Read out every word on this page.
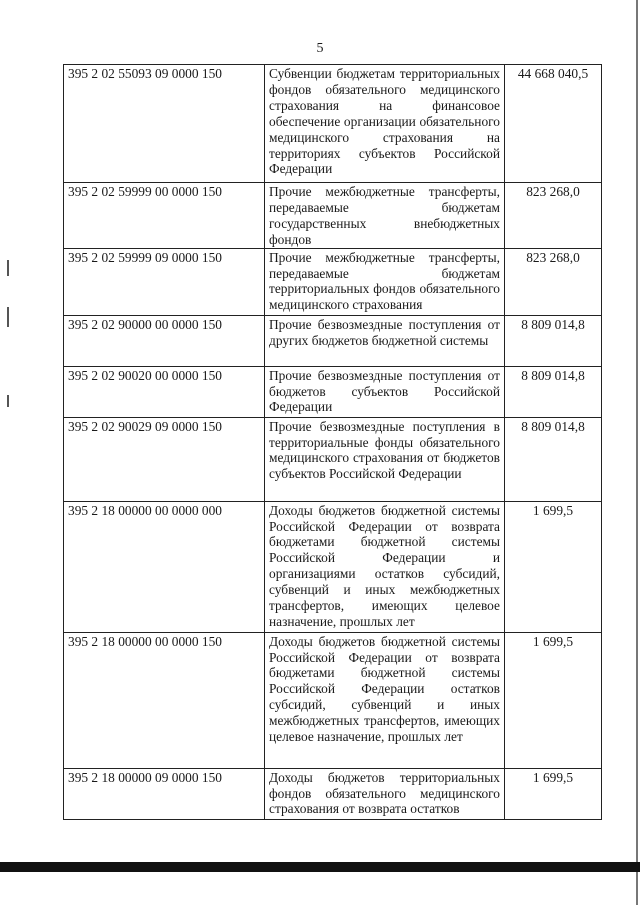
5
395 2 02 55093 09 0000 150	Субвенции бюджетам территориальных фондов обязательного медицинского страхования на финансовое обеспечение организации обязательного медицинского страхования на территориях субъектов Российской Федерации	44 668 040,5
395 2 02 59999 00 0000 150	Прочие межбюджетные трансферты, передаваемые бюджетам государственных внебюджетных фондов	823 268,0
395 2 02 59999 09 0000 150	Прочие межбюджетные трансферты, передаваемые бюджетам территориальных фондов обязательного медицинского страхования	823 268,0
395 2 02 90000 00 0000 150	Прочие безвозмездные поступления от других бюджетов бюджетной системы	8 809 014,8
395 2 02 90020 00 0000 150	Прочие безвозмездные поступления от бюджетов субъектов Российской Федерации	8 809 014,8
395 2 02 90029 09 0000 150	Прочие безвозмездные поступления в территориальные фонды обязательного медицинского страхования от бюджетов субъектов Российской Федерации	8 809 014,8
395 2 18 00000 00 0000 000	Доходы бюджетов бюджетной системы Российской Федерации от возврата бюджетами бюджетной системы Российской Федерации и организациями остатков субсидий, субвенций и иных межбюджетных трансфертов, имеющих целевое назначение, прошлых лет	1 699,5
395 2 18 00000 00 0000 150	Доходы бюджетов бюджетной системы Российской Федерации от возврата бюджетами бюджетной системы Российской Федерации остатков субсидий, субвенций и иных межбюджетных трансфертов, имеющих целевое назначение, прошлых лет	1 699,5
395 2 18 00000 09 0000 150	Доходы бюджетов территориальных фондов обязательного медицинского страхования от возврата остатков	1 699,5
